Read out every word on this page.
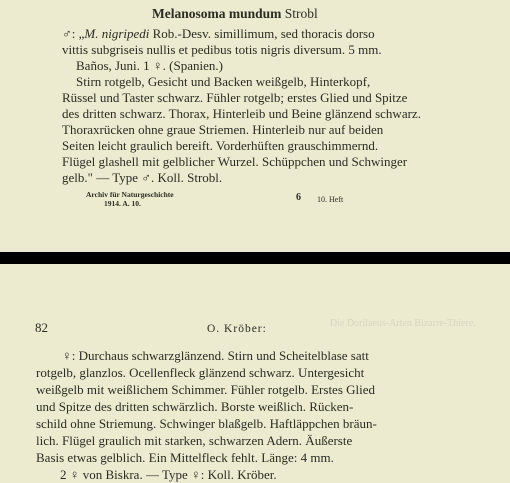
Melanosoma mundum Strobl
♂: „M. nigripedi Rob.-Desv. simillimum, sed thoracis dorso
vittis subgriseis nullis et pedibus totis nigris diversum. 5 mm.
Baños, Juni. 1 ♀. (Spanien.)
Stirn rotgelb, Gesicht und Backen weißgelb, Hinterkopf,
Rüssel und Taster schwarz. Fühler rotgelb; erstes Glied und Spitze
des dritten schwarz. Thorax, Hinterleib und Beine glänzend schwarz.
Thoraxrücken ohne graue Striemen. Hinterleib nur auf beiden
Seiten leicht graulich bereift. Vorderhüften grauschimmernd.
Flügel glashell mit gelblicher Wurzel. Schüppchen und Schwinger
gelb." — Type ♂. Koll. Strobl.
Archiv für Naturgeschichte
1914. A. 10.
6 10. Heft
Die Dorilaeus-Arten Bizarre-Thiere.
82	O. Kröber:
♀: Durchaus schwarzglänzend. Stirn und Scheitelblase satt
rotgelb, glanzlos. Ocellenfleck glänzend schwarz. Untergesicht
weißgelb mit weißlichem Schimmer. Fühler rotgelb. Erstes Glied
und Spitze des dritten schwärzlich. Borste weißlich. Rücken-
schild ohne Striemung. Schwinger blaßgelb. Haftläppchen bräun-
lich. Flügel graulich mit starken, schwarzen Adern. Äußerste
Basis etwas gelblich. Ein Mittelfleck fehlt. Länge: 4 mm.
2 ♀ von Biskra. — Type ♀: Koll. Kröber.
